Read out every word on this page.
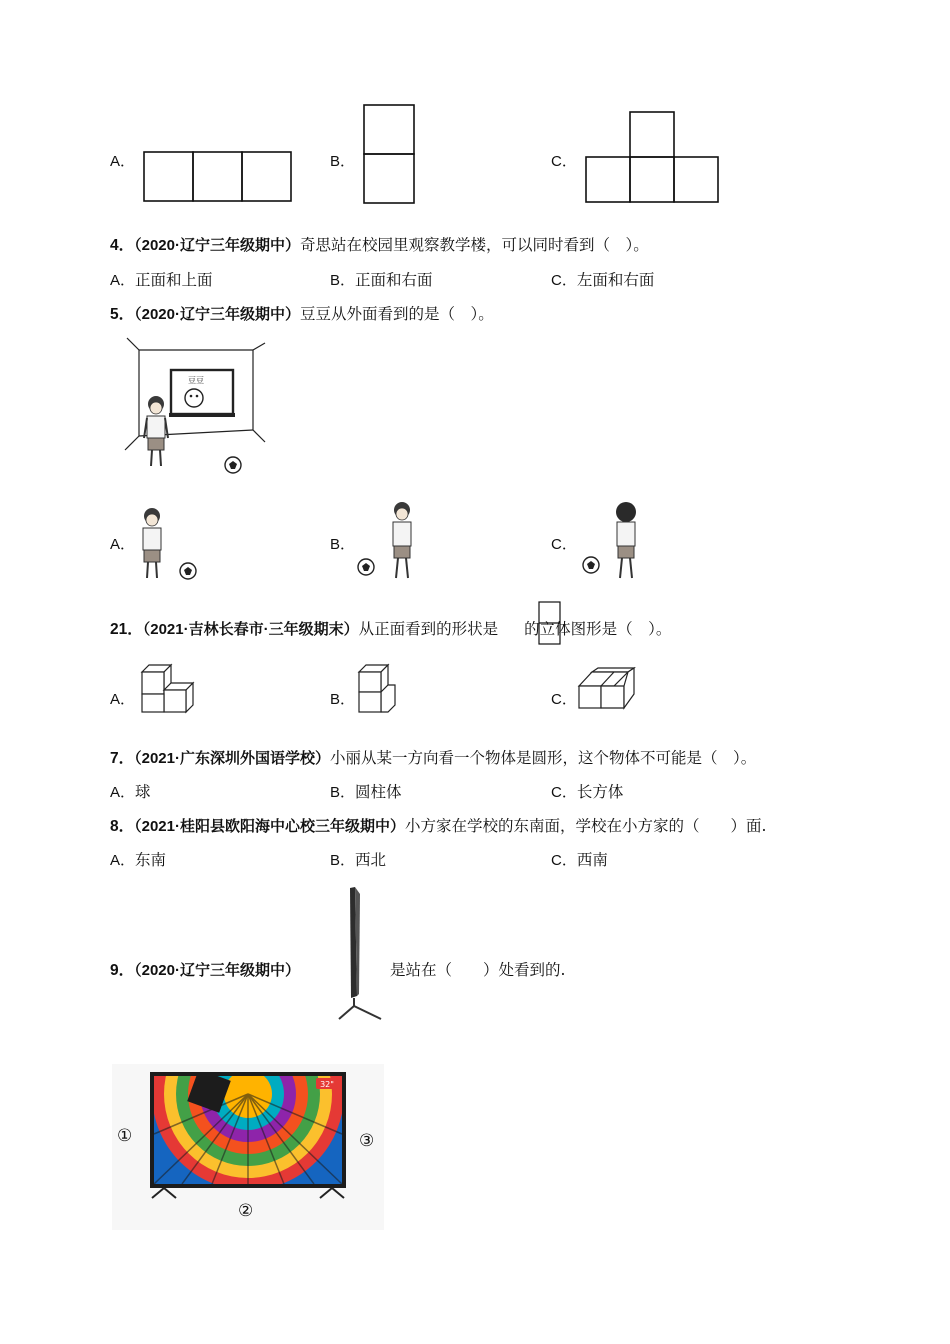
A．	B．	C．
4．（2020·辽宁三年级期中）奇思站在校园里观察教学楼，可以同时看到（　）。
A．正面和上面	B．正面和右面	C．左面和右面
5．（2020·辽宁三年级期中）豆豆从外面看到的是（　）。
豆豆
A．	B．	C．
21．（2021·吉林长春市·三年级期末）从正面看到的形状是 的立体图形是（　）。
A．	B．	C．
7．（2021·广东深圳外国语学校）小丽从某一方向看一个物体是圆形，这个物体不可能是（　）。
A．球	B．圆柱体	C．长方体
8．（2021·桂阳县欧阳海中心校三年级期中）小方家在学校的东南面，学校在小方家的（　　）面.
A．东南	B．西北	C．西南
9．（2020·辽宁三年级期中）	是站在（　　）处看到的.
32"
①
②
③
